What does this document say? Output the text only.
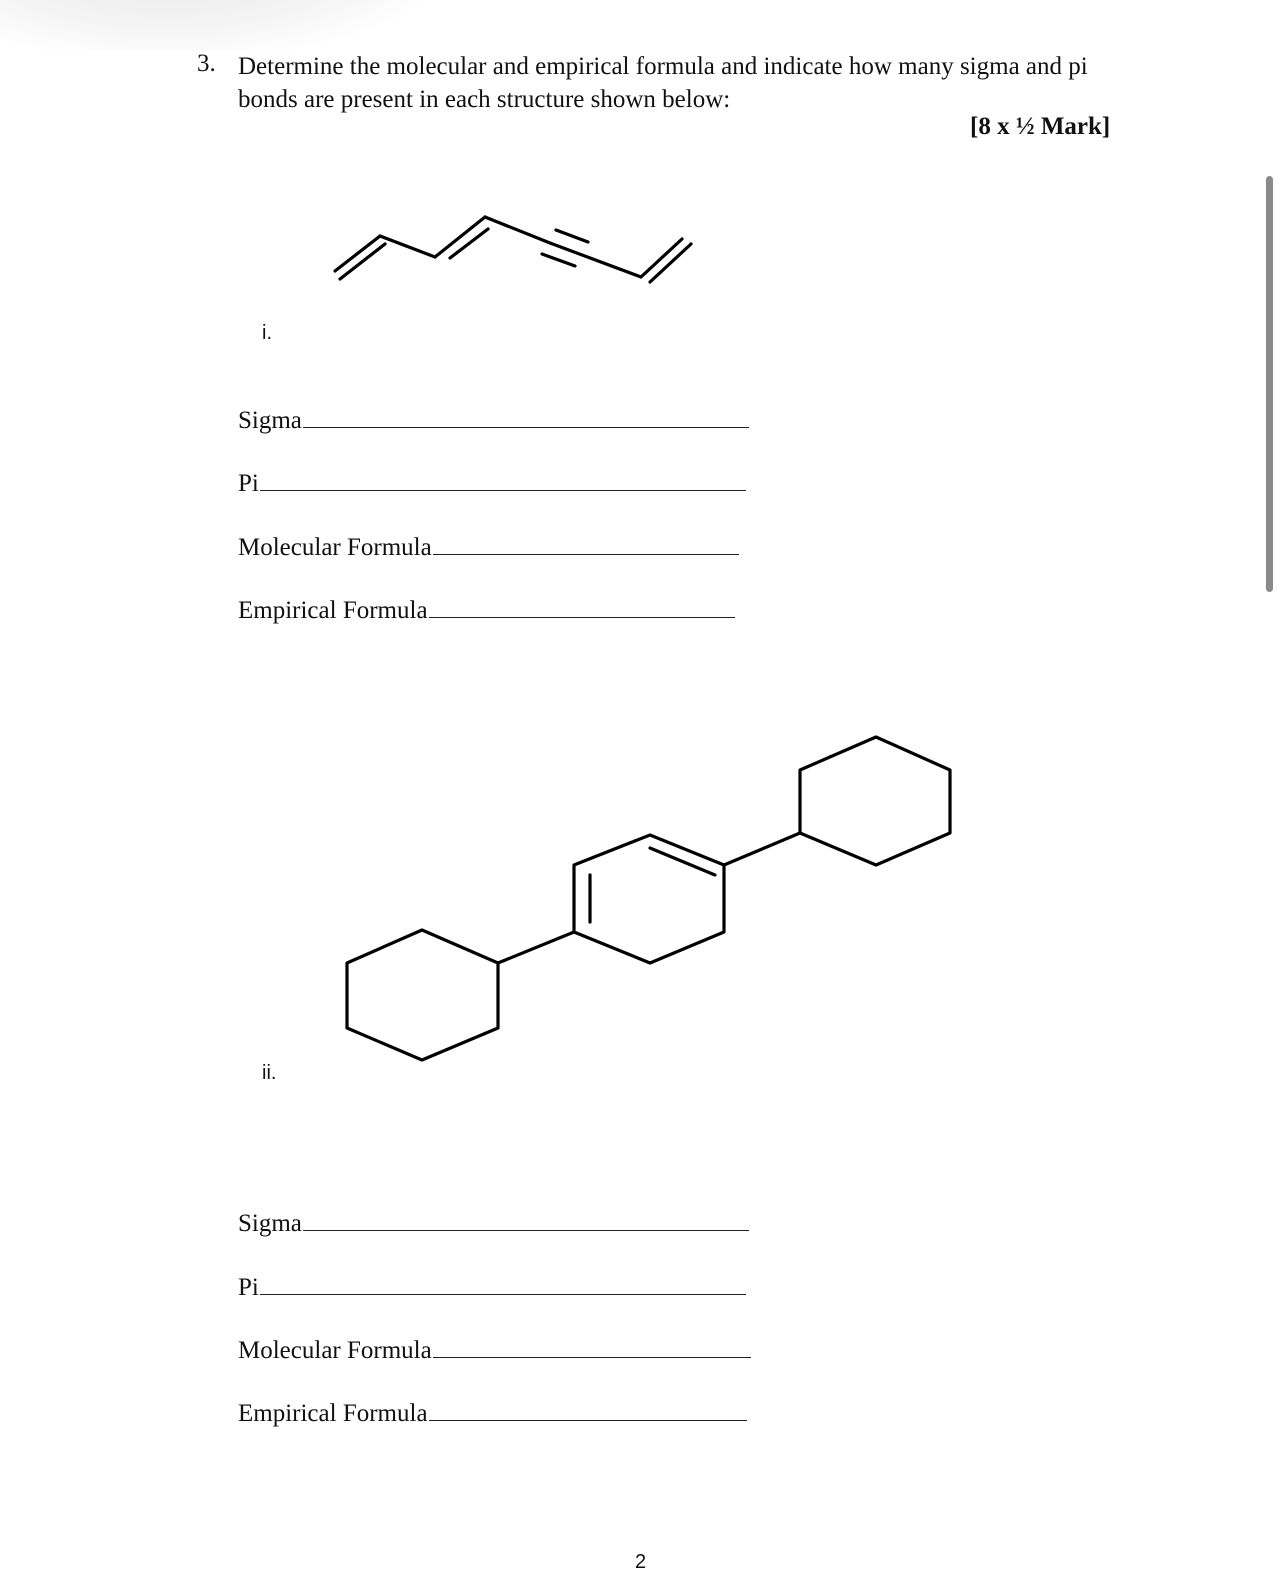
3. Determine the molecular and empirical formula and indicate how many sigma and pi bonds are present in each structure shown below:
[8 x ½ Mark]
i.
Sigma
Pi
Molecular Formula
Empirical Formula
ii.
Sigma
Pi
Molecular Formula
Empirical Formula
2
